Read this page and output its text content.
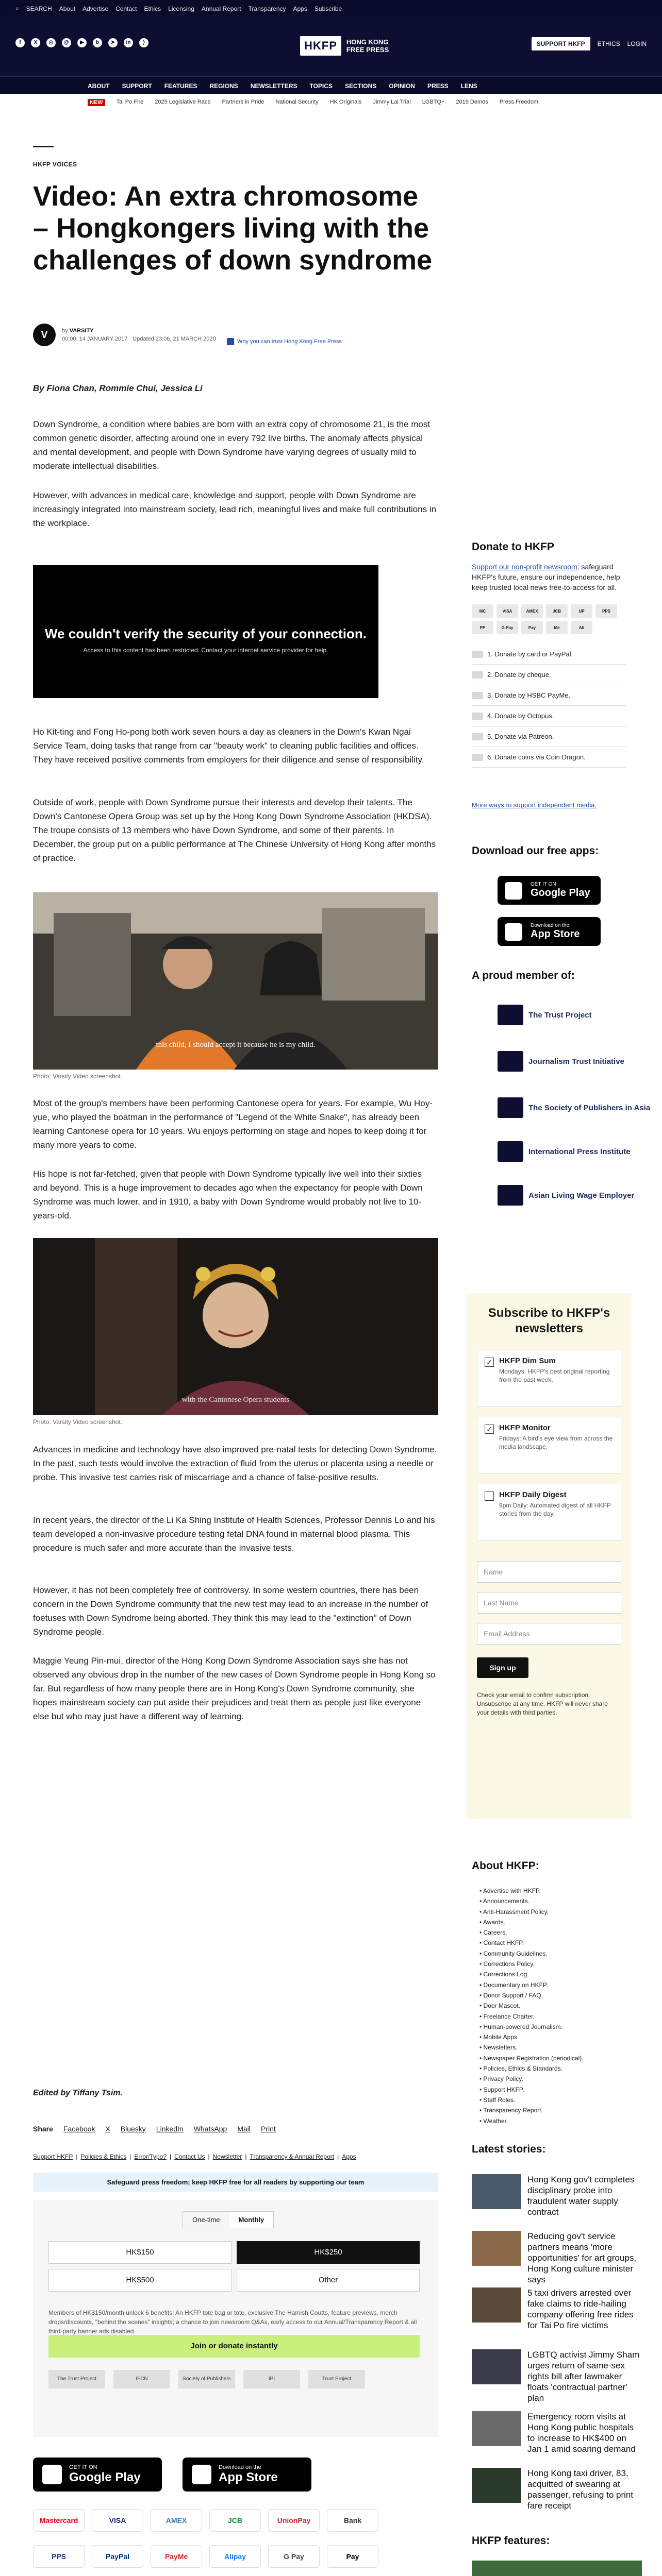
⌕ SEARCH About Advertise Contact Ethics Licensing Annual Report Transparency Apps Subscribe
f	X	◎	@	▶	b	➤	in	)	HKFP	HONG KONG
FREE PRESS
SUPPORT HKFP	ETHICS LOGIN
ABOUT SUPPORT FEATURES REGIONS NEWSLETTERS TOPICS SECTIONS OPINION PRESS LENS
NEW	Tai Po Fire 2025 Legislative Race Partners in Pride National Security HK Originals Jimmy Lai Trial LGBTQ+ 2019 Demos Press Freedom
HKFP VOICES
Video: An extra chromosome – Hongkongers living with the challenges of down syndrome
V	by VARSITY
00:00, 14 JANUARY 2017 · Updated 23:06, 21 MARCH 2020	Why you can trust Hong Kong Free Press
By Fiona Chan, Rommie Chui, Jessica Li

Down Syndrome, a condition where babies are born with an extra copy of chromosome 21, is the most common genetic disorder, affecting around one in every 792 live births. The anomaly affects physical and mental development, and people with Down Syndrome have varying degrees of usually mild to moderate intellectual disabilities.

However, with advances in medical care, knowledge and support, people with Down Syndrome are increasingly integrated into mainstream society, lead rich, meaningful lives and make full contributions in the workplace.

We couldn't verify the security of your connection.
Access to this content has been restricted. Contact your internet service provider for help.

Ho Kit-ting and Fong Ho-pong both work seven hours a day as cleaners in the Down's Kwan Ngai Service Team, doing tasks that range from car "beauty work" to cleaning public facilities and offices. They have received positive comments from employers for their diligence and sense of responsibility.

Outside of work, people with Down Syndrome pursue their interests and develop their talents. The Down's Cantonese Opera Group was set up by the Hong Kong Down Syndrome Association (HKDSA). The troupe consists of 13 members who have Down Syndrome, and some of their parents. In December, the group put on a public performance at The Chinese University of Hong Kong after months of practice.

this child, I should accept it because he is my child.
Photo: Varsity Video screenshot.

Most of the group's members have been performing Cantonese opera for years. For example, Wu Hoy-yue, who played the boatman in the performance of "Legend of the White Snake", has already been learning Cantonese opera for 10 years. Wu enjoys performing on stage and hopes to keep doing it for many more years to come.

His hope is not far-fetched, given that people with Down Syndrome typically live well into their sixties and beyond. This is a huge improvement to decades ago when the expectancy for people with Down Syndrome was much lower, and in 1910, a baby with Down Syndrome would probably not live to 10-years-old.

with the Cantonese Opera students
Photo: Varsity Video screenshot.

Advances in medicine and technology have also improved pre-natal tests for detecting Down Syndrome. In the past, such tests would involve the extraction of fluid from the uterus or placenta using a needle or probe. This invasive test carries risk of miscarriage and a chance of false-positive results.

In recent years, the director of the Li Ka Shing Institute of Health Sciences, Professor Dennis Lo and his team developed a non-invasive procedure testing fetal DNA found in maternal blood plasma. This procedure is much safer and more accurate than the invasive tests.

However, it has not been completely free of controversy. In some western countries, there has been concern in the Down Syndrome community that the new test may lead to an increase in the number of foetuses with Down Syndrome being aborted. They think this may lead to the "extinction" of Down Syndrome people.

Maggie Yeung Pin-mui, director of the Hong Kong Down Syndrome Association says she has not observed any obvious drop in the number of the new cases of Down Syndrome people in Hong Kong so far. But regardless of how many people there are in Hong Kong's Down Syndrome community, she hopes mainstream society can put aside their prejudices and treat them as people just like everyone else but who may just have a different way of learning.

Edited by Tiffany Tsim.
Share Facebook X Bluesky LinkedIn WhatsApp Mail Print
Support HKFP | Policies & Ethics | Error/Typo? | Contact Us | Newsletter | Transparency & Annual Report | Apps
Safeguard press freedom; keep HKFP free for all readers by supporting our team
One-time	Monthly
HK$150	HK$250
HK$500	Other
Members of HK$150/month unlock 6 benefits: An HKFP tote bag or tote, exclusive The Hamish Coutts, feature previews, merch drops/discounts, "behind the scenes" insights; a chance to join newsroom Q&As, early access to our Annual/Transparency Report & all third-party banner ads disabled.
Join or donate instantly
The Trust Project	IFCN	Society of Publishers	IPI	Trust Project
GET IT ON
Google Play
Download on the
App Store
Mastercard	VISA	AMEX	JCB	UnionPay	Bank
PPS	PayPal	PayMe	Alipay	G Pay	Pay
Donate to HKFP
Support our non-profit newsroom: safeguard HKFP's future, ensure our independence, help keep trusted local news free-to-access for all.
MC	VISA	AMEX	JCB	UP	PPS
PP	G Pay	Pay	Me	Ali
1. Donate by card or PayPal.
2. Donate by cheque.
3. Donate by HSBC PayMe.
4. Donate by Octopus.
5. Donate via Patreon.
6. Donate coins via Coin Dragon.
More ways to support independent media.
Download our free apps:
GET IT ON
Google Play
Download on the
App Store
A proud member of:
The Trust Project
Journalism Trust Initiative
The Society of Publishers in Asia
International Press Institute
Asian Living Wage Employer
Subscribe to HKFP's newsletters
✓ HKFP Dim Sum
Mondays: HKFP's best original reporting from the past week.
✓ HKFP Monitor
Fridays: A bird's eye view from across the media landscape.
HKFP Daily Digest
9pm Daily: Automated digest of all HKFP stories from the day.
Name
Last Name
Email Address
Sign up
Check your email to confirm subscription. Unsubscribe at any time. HKFP will never share your details with third parties.
About HKFP:
• Advertise with HKFP.
• Announcements.
• Anti-Harassment Policy.
• Awards.
• Careers.
• Contact HKFP.
• Community Guidelines.
• Corrections Policy.
• Corrections Log.
• Documentary on HKFP.
• Donor Support / FAQ.
• Door Mascot.
• Freelance Charter.
• Human-powered Journalism.
• Mobile Apps.
• Newsletters.
• Newspaper Registration (periodical).
• Policies, Ethics & Standards.
• Privacy Policy.
• Support HKFP.
• Staff Roles.
• Transparency Report.
• Weather.
Latest stories:
Hong Kong gov't completes disciplinary probe into fraudulent water supply contract
Reducing gov't service partners means 'more opportunities' for art groups, Hong Kong culture minister says
5 taxi drivers arrested over fake claims to ride-hailing company offering free rides for Tai Po fire victims
LGBTQ activist Jimmy Sham urges return of same-sex rights bill after lawmaker floats 'contractual partner' plan
Emergency room visits at Hong Kong public hospitals to increase to HK$400 on Jan 1 amid soaring demand
Hong Kong taxi driver, 83, acquitted of swearing at passenger, refusing to print fare receipt
HKFP features:
